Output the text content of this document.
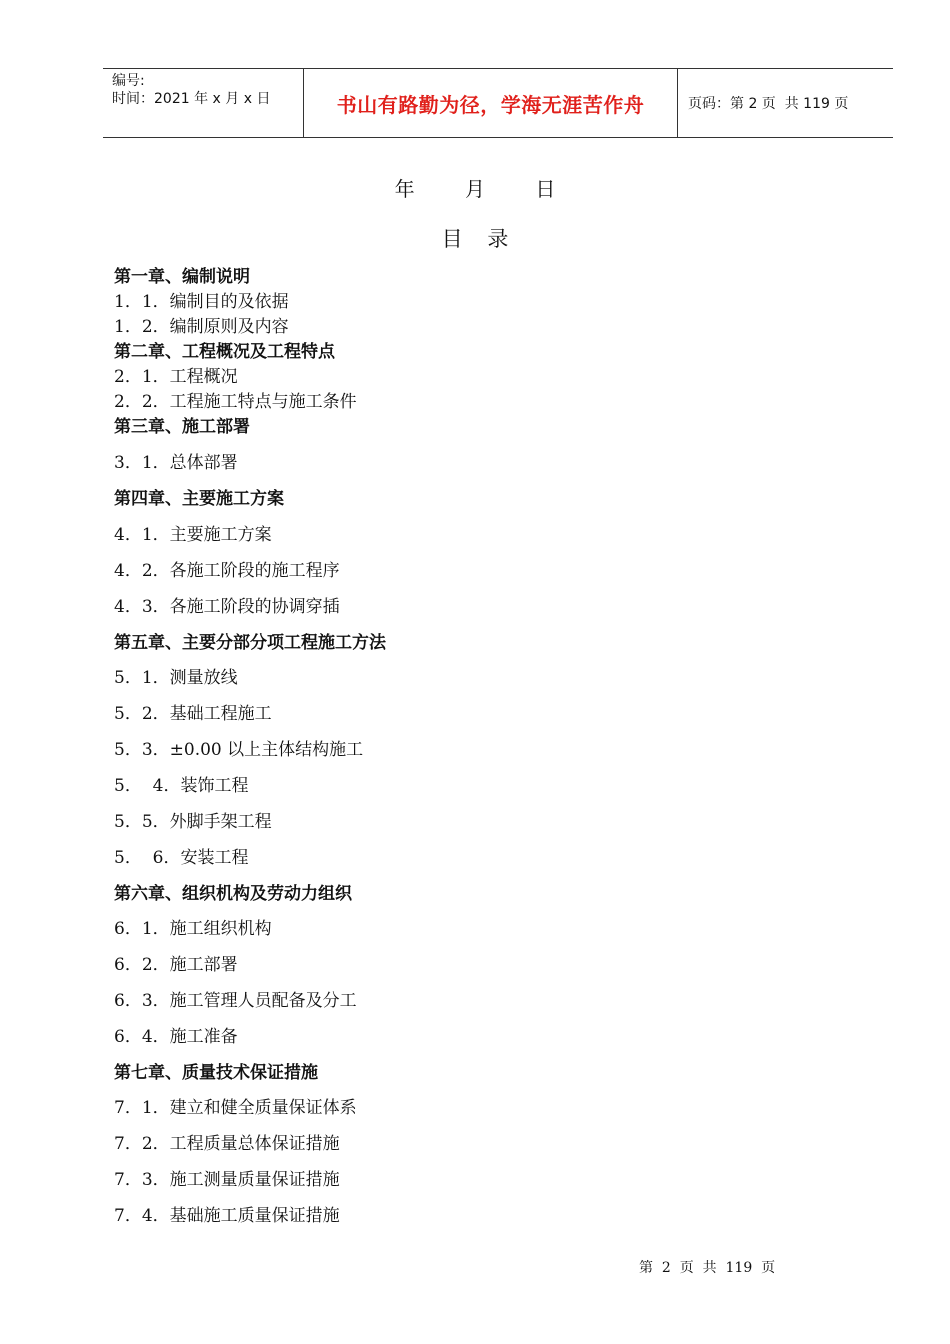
编号:
时间：2021 年 x 月 x 日	书山有路勤为径，学海无涯苦作舟	页码：第 2 页  共 119 页
年	月	日
目 录
第一章、编制说明
1．1．编制目的及依据
1．2．编制原则及内容
第二章、工程概况及工程特点
2．1．工程概况
2．2．工程施工特点与施工条件
第三章、施工部署
3．1．总体部署
第四章、主要施工方案
4．1．主要施工方案
4．2．各施工阶段的施工程序
4．3．各施工阶段的协调穿插
第五章、主要分部分项工程施工方法
5．1．测量放线
5．2．基础工程施工
5．3．±0.00 以上主体结构施工
5．  4．装饰工程
5．5．外脚手架工程
5．  6．安装工程
第六章、组织机构及劳动力组织
6．1．施工组织机构
6．2．施工部署
6．3．施工管理人员配备及分工
6．4．施工准备
第七章、质量技术保证措施
7．1．建立和健全质量保证体系
7．2．工程质量总体保证措施
7．3．施工测量质量保证措施
7．4．基础施工质量保证措施
第  2  页  共  119  页
